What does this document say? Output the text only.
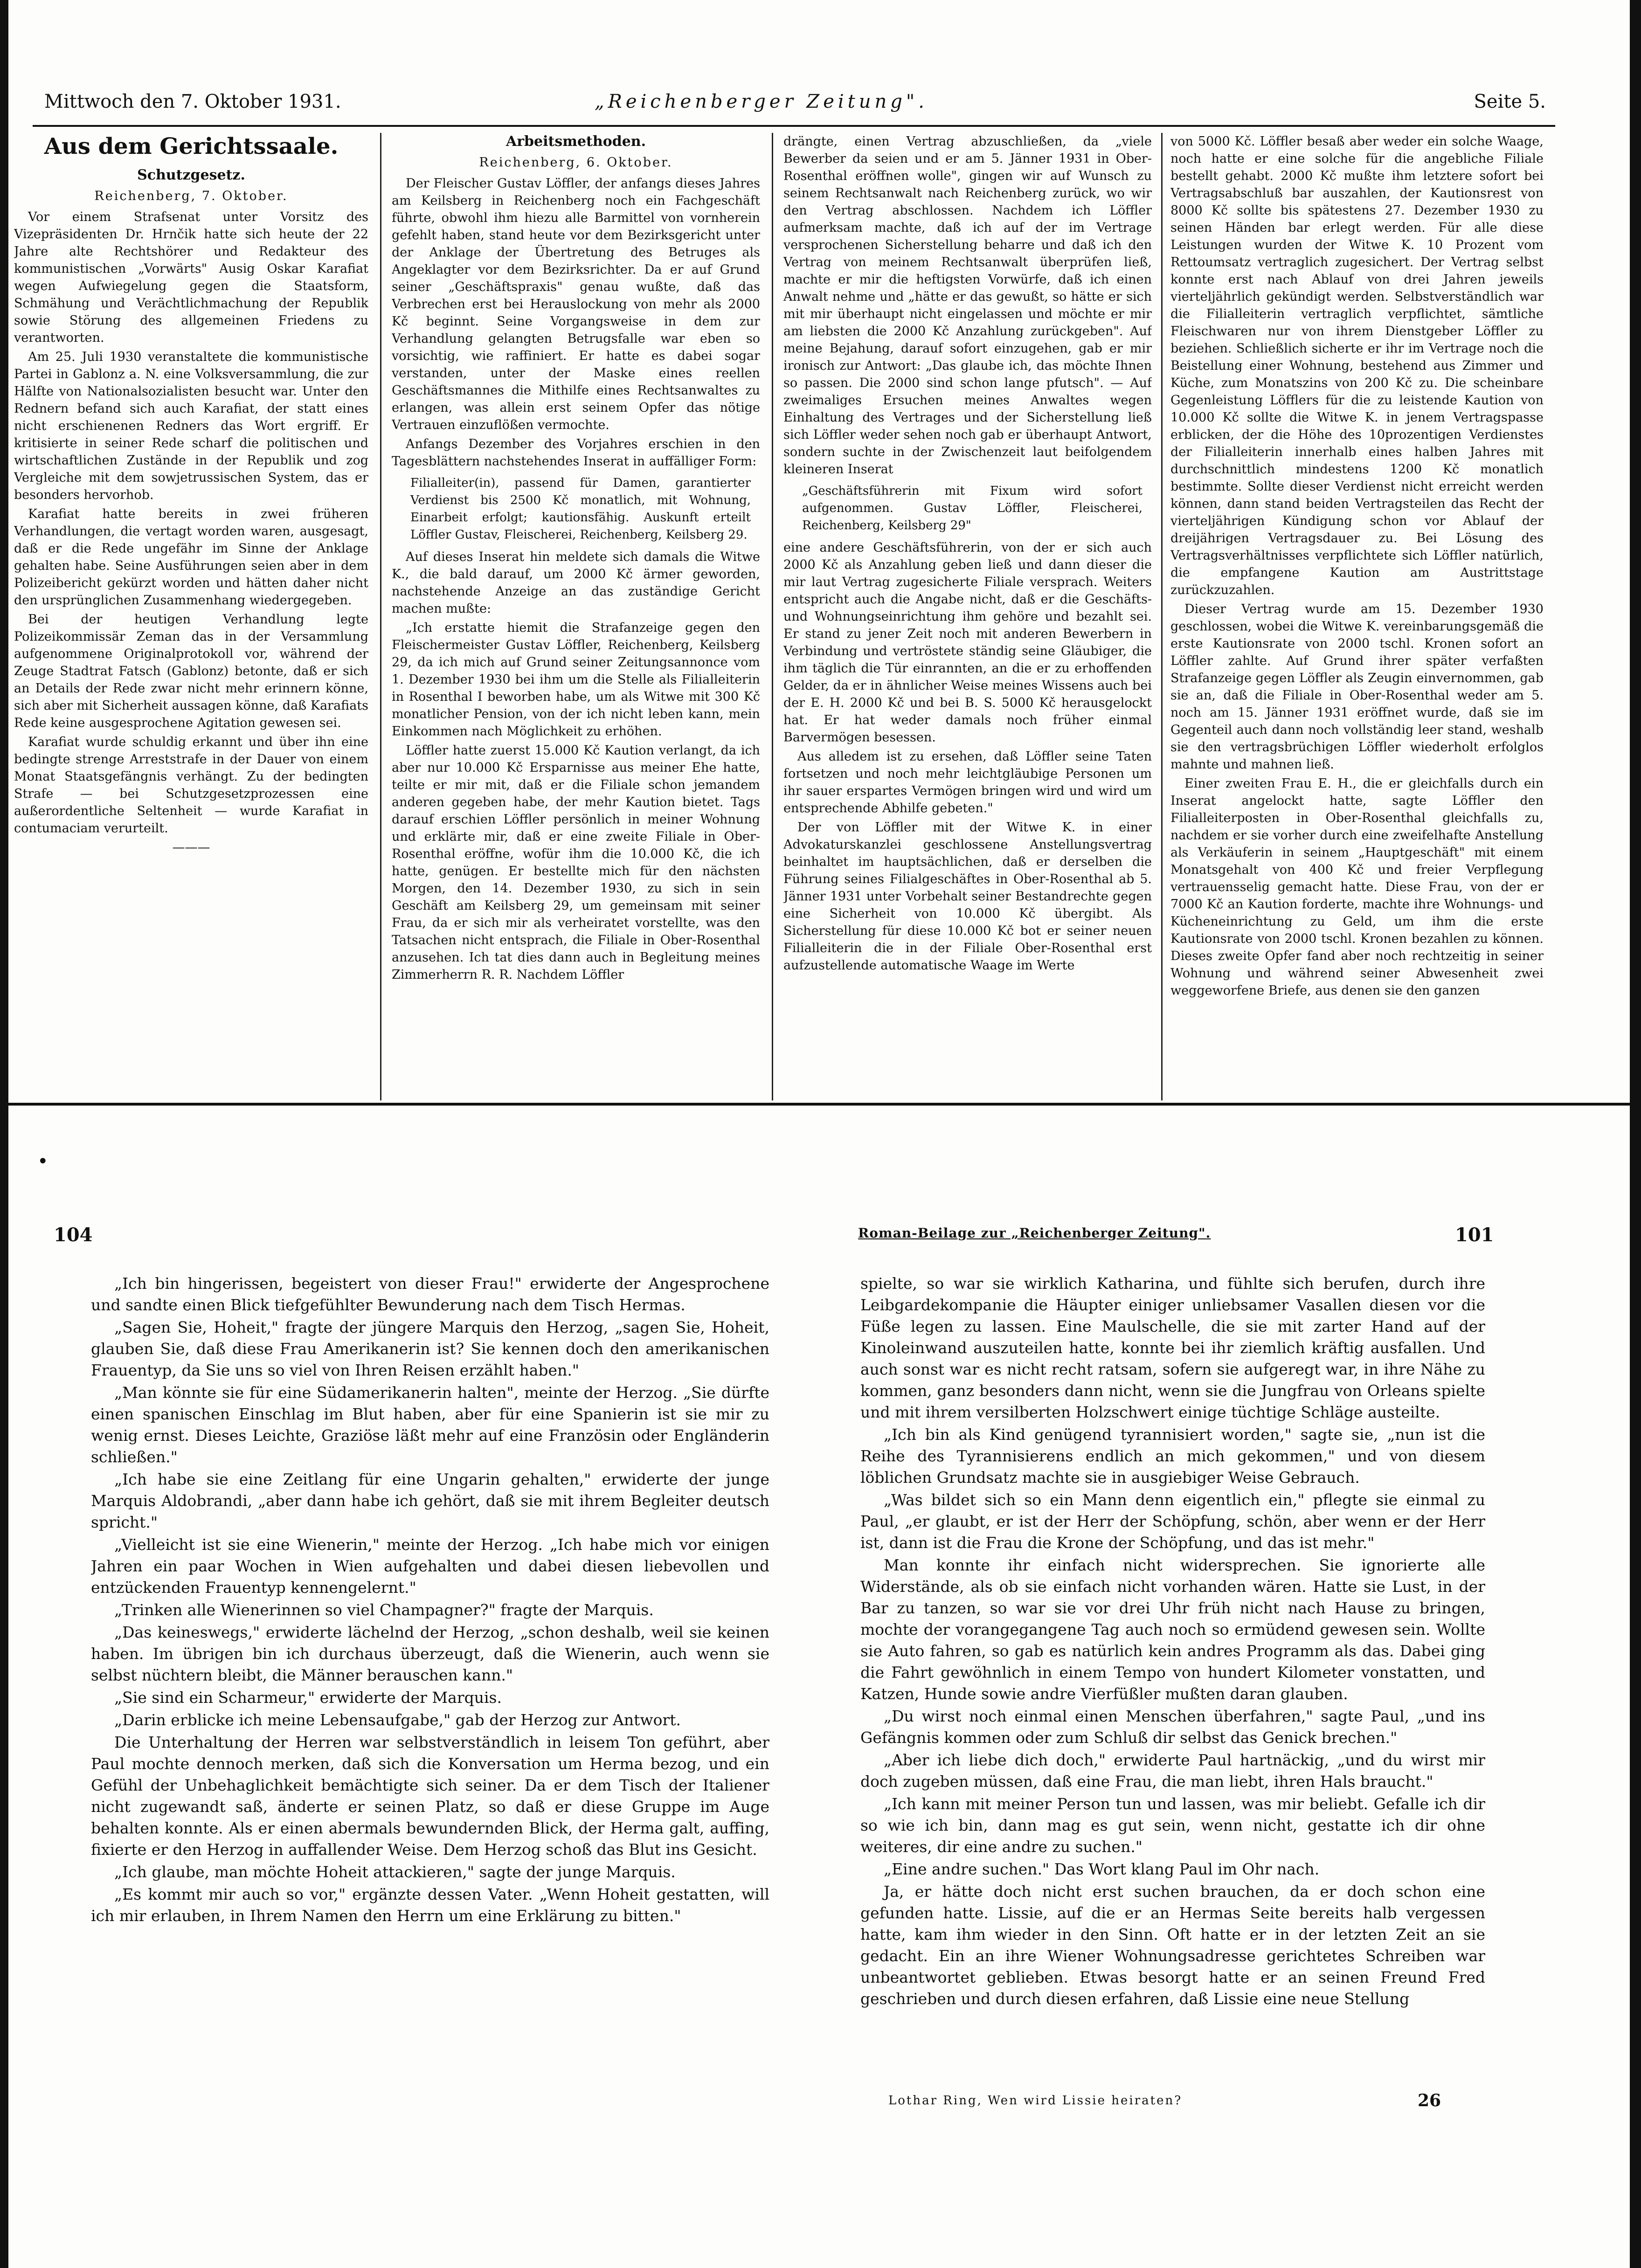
Mittwoch den 7. Oktober 1931.	„Reichenberger Zeitung".	Seite 5.

Aus dem Gerichtssaale.

Schutzgesetz.

Reichenberg, 7. Oktober.

Vor einem Strafsenat unter Vorsitz des Vizepräsidenten Dr. Hrnčik hatte sich heute der 22 Jahre alte Rechtshörer und Redakteur des kommunistischen „Vorwärts" Ausig Oskar Karafiat wegen Aufwiegelung gegen die Staatsform, Schmähung und Verächtlichmachung der Republik sowie Störung des allgemeinen Friedens zu verantworten.

Am 25. Juli 1930 veranstaltete die kommunistische Partei in Gablonz a. N. eine Volksversammlung, die zur Hälfte von Nationalsozialisten besucht war. Unter den Rednern befand sich auch Karafiat, der statt eines nicht erschienenen Redners das Wort ergriff. Er kritisierte in seiner Rede scharf die politischen und wirtschaftlichen Zustände in der Republik und zog Vergleiche mit dem sowjetrussischen System, das er besonders hervorhob.

Karafiat hatte bereits in zwei früheren Verhandlungen, die vertagt worden waren, ausgesagt, daß er die Rede ungefähr im Sinne der Anklage gehalten habe. Seine Ausführungen seien aber in dem Polizeibericht gekürzt worden und hätten daher nicht den ursprünglichen Zusammenhang wiedergegeben.

Bei der heutigen Verhandlung legte Polizeikommissär Zeman das in der Versammlung aufgenommene Originalprotokoll vor, während der Zeuge Stadtrat Fatsch (Gablonz) betonte, daß er sich an Details der Rede zwar nicht mehr erinnern könne, sich aber mit Sicherheit aussagen könne, daß Karafiats Rede keine ausgesprochene Agitation gewesen sei.

Karafiat wurde schuldig erkannt und über ihn eine bedingte strenge Arreststrafe in der Dauer von einem Monat Staatsgefängnis verhängt. Zu der bedingten Strafe — bei Schutzgesetzprozessen eine außerordentliche Seltenheit — wurde Karafiat in contumaciam verurteilt.

———

Arbeitsmethoden.

Reichenberg, 6. Oktober.

Der Fleischer Gustav Löffler, der anfangs dieses Jahres am Keilsberg in Reichenberg noch ein Fachgeschäft führte, obwohl ihm hiezu alle Barmittel von vornherein gefehlt haben, stand heute vor dem Bezirksgericht unter der Anklage der Übertretung des Betruges als Angeklagter vor dem Bezirksrichter. Da er auf Grund seiner „Geschäftspraxis" genau wußte, daß das Verbrechen erst bei Herauslockung von mehr als 2000 Kč beginnt. Seine Vorgangsweise in dem zur Verhandlung gelangten Betrugsfalle war eben so vorsichtig, wie raffiniert. Er hatte es dabei sogar verstanden, unter der Maske eines reellen Geschäftsmannes die Mithilfe eines Rechtsanwaltes zu erlangen, was allein erst seinem Opfer das nötige Vertrauen einzuflößen vermochte.

Anfangs Dezember des Vorjahres erschien in den Tagesblättern nachstehendes Inserat in auffälliger Form:

Filialleiter(in), passend für Damen, garantierter Verdienst bis 2500 Kč monatlich, mit Wohnung, Einarbeit erfolgt; kautionsfähig. Auskunft erteilt Löffler Gustav, Fleischerei, Reichenberg, Keilsberg 29.

Auf dieses Inserat hin meldete sich damals die Witwe K., die bald darauf, um 2000 Kč ärmer geworden, nachstehende Anzeige an das zuständige Gericht machen mußte:

„Ich erstatte hiemit die Strafanzeige gegen den Fleischermeister Gustav Löffler, Reichenberg, Keilsberg 29, da ich mich auf Grund seiner Zeitungsannonce vom 1. Dezember 1930 bei ihm um die Stelle als Filialleiterin in Rosenthal I beworben habe, um als Witwe mit 300 Kč monatlicher Pension, von der ich nicht leben kann, mein Einkommen nach Möglichkeit zu erhöhen.

Löffler hatte zuerst 15.000 Kč Kaution verlangt, da ich aber nur 10.000 Kč Ersparnisse aus meiner Ehe hatte, teilte er mir mit, daß er die Filiale schon jemandem anderen gegeben habe, der mehr Kaution bietet. Tags darauf erschien Löffler persönlich in meiner Wohnung und erklärte mir, daß er eine zweite Filiale in Ober-Rosenthal eröffne, wofür ihm die 10.000 Kč, die ich hatte, genügen. Er bestellte mich für den nächsten Morgen, den 14. Dezember 1930, zu sich in sein Geschäft am Keilsberg 29, um gemeinsam mit seiner Frau, da er sich mir als verheiratet vorstellte, was den Tatsachen nicht entsprach, die Filiale in Ober-Rosenthal anzusehen. Ich tat dies dann auch in Begleitung meines Zimmerherrn R. R. Nachdem Löffler

drängte, einen Vertrag abzuschließen, da „viele Bewerber da seien und er am 5. Jänner 1931 in Ober-Rosenthal eröffnen wolle", gingen wir auf Wunsch zu seinem Rechtsanwalt nach Reichenberg zurück, wo wir den Vertrag abschlossen. Nachdem ich Löffler aufmerksam machte, daß ich auf der im Vertrage versprochenen Sicherstellung beharre und daß ich den Vertrag von meinem Rechtsanwalt überprüfen ließ, machte er mir die heftigsten Vorwürfe, daß ich einen Anwalt nehme und „hätte er das gewußt, so hätte er sich mit mir überhaupt nicht eingelassen und möchte er mir am liebsten die 2000 Kč Anzahlung zurückgeben". Auf meine Bejahung, darauf sofort einzugehen, gab er mir ironisch zur Antwort: „Das glaube ich, das möchte Ihnen so passen. Die 2000 sind schon lange pfutsch". — Auf zweimaliges Ersuchen meines Anwaltes wegen Einhaltung des Vertrages und der Sicherstellung ließ sich Löffler weder sehen noch gab er überhaupt Antwort, sondern suchte in der Zwischenzeit laut beifolgendem kleineren Inserat

„Geschäftsführerin mit Fixum wird sofort aufgenommen. Gustav Löffler, Fleischerei, Reichenberg, Keilsberg 29"

eine andere Geschäftsführerin, von der er sich auch 2000 Kč als Anzahlung geben ließ und dann dieser die mir laut Vertrag zugesicherte Filiale versprach. Weiters entspricht auch die Angabe nicht, daß er die Geschäfts- und Wohnungseinrichtung ihm gehöre und bezahlt sei. Er stand zu jener Zeit noch mit anderen Bewerbern in Verbindung und vertröstete ständig seine Gläubiger, die ihm täglich die Tür einrannten, an die er zu erhoffenden Gelder, da er in ähnlicher Weise meines Wissens auch bei der E. H. 2000 Kč und bei B. S. 5000 Kč herausgelockt hat. Er hat weder damals noch früher einmal Barvermögen besessen.

Aus alledem ist zu ersehen, daß Löffler seine Taten fortsetzen und noch mehr leichtgläubige Personen um ihr sauer erspartes Vermögen bringen wird und wird um entsprechende Abhilfe gebeten."

Der von Löffler mit der Witwe K. in einer Advokaturskanzlei geschlossene Anstellungsvertrag beinhaltet im hauptsächlichen, daß er derselben die Führung seines Filialgeschäftes in Ober-Rosenthal ab 5. Jänner 1931 unter Vorbehalt seiner Bestandrechte gegen eine Sicherheit von 10.000 Kč übergibt. Als Sicherstellung für diese 10.000 Kč bot er seiner neuen Filialleiterin die in der Filiale Ober-Rosenthal erst aufzustellende automatische Waage im Werte

von 5000 Kč. Löffler besaß aber weder ein solche Waage, noch hatte er eine solche für die angebliche Filiale bestellt gehabt. 2000 Kč mußte ihm letztere sofort bei Vertragsabschluß bar auszahlen, der Kautionsrest von 8000 Kč sollte bis spätestens 27. Dezember 1930 zu seinen Händen bar erlegt werden. Für alle diese Leistungen wurden der Witwe K. 10 Prozent vom Rettoumsatz vertraglich zugesichert. Der Vertrag selbst konnte erst nach Ablauf von drei Jahren jeweils vierteljährlich gekündigt werden. Selbstverständlich war die Filialleiterin vertraglich verpflichtet, sämtliche Fleischwaren nur von ihrem Dienstgeber Löffler zu beziehen. Schließlich sicherte er ihr im Vertrage noch die Beistellung einer Wohnung, bestehend aus Zimmer und Küche, zum Monatszins von 200 Kč zu. Die scheinbare Gegenleistung Löfflers für die zu leistende Kaution von 10.000 Kč sollte die Witwe K. in jenem Vertragspasse erblicken, der die Höhe des 10prozentigen Verdienstes der Filialleiterin innerhalb eines halben Jahres mit durchschnittlich mindestens 1200 Kč monatlich bestimmte. Sollte dieser Verdienst nicht erreicht werden können, dann stand beiden Vertragsteilen das Recht der vierteljährigen Kündigung schon vor Ablauf der dreijährigen Vertragsdauer zu. Bei Lösung des Vertragsverhältnisses verpflichtete sich Löffler natürlich, die empfangene Kaution am Austrittstage zurückzuzahlen.

Dieser Vertrag wurde am 15. Dezember 1930 geschlossen, wobei die Witwe K. vereinbarungsgemäß die erste Kautionsrate von 2000 tschl. Kronen sofort an Löffler zahlte. Auf Grund ihrer später verfaßten Strafanzeige gegen Löffler als Zeugin einvernommen, gab sie an, daß die Filiale in Ober-Rosenthal weder am 5. noch am 15. Jänner 1931 eröffnet wurde, daß sie im Gegenteil auch dann noch vollständig leer stand, weshalb sie den vertragsbrüchigen Löffler wiederholt erfolglos mahnte und mahnen ließ.

Einer zweiten Frau E. H., die er gleichfalls durch ein Inserat angelockt hatte, sagte Löffler den Filialleiterposten in Ober-Rosenthal gleichfalls zu, nachdem er sie vorher durch eine zweifelhafte Anstellung als Verkäuferin in seinem „Hauptgeschäft" mit einem Monatsgehalt von 400 Kč und freier Verpflegung vertrauensselig gemacht hatte. Diese Frau, von der er 7000 Kč an Kaution forderte, machte ihre Wohnungs- und Kücheneinrichtung zu Geld, um ihm die erste Kautionsrate von 2000 tschl. Kronen bezahlen zu können. Dieses zweite Opfer fand aber noch rechtzeitig in seiner Wohnung und während seiner Abwesenheit zwei weggeworfene Briefe, aus denen sie den ganzen

•
104	Roman-Beilage zur „Reichenberger Zeitung".	101

„Ich bin hingerissen, begeistert von dieser Frau!" erwiderte der Angesprochene und sandte einen Blick tiefgefühlter Bewunderung nach dem Tisch Hermas.

„Sagen Sie, Hoheit," fragte der jüngere Marquis den Herzog, „sagen Sie, Hoheit, glauben Sie, daß diese Frau Amerikanerin ist? Sie kennen doch den amerikanischen Frauentyp, da Sie uns so viel von Ihren Reisen erzählt haben."

„Man könnte sie für eine Südamerikanerin halten", meinte der Herzog. „Sie dürfte einen spanischen Einschlag im Blut haben, aber für eine Spanierin ist sie mir zu wenig ernst. Dieses Leichte, Graziöse läßt mehr auf eine Französin oder Engländerin schließen."

„Ich habe sie eine Zeitlang für eine Ungarin gehalten," erwiderte der junge Marquis Aldobrandi, „aber dann habe ich gehört, daß sie mit ihrem Begleiter deutsch spricht."

„Vielleicht ist sie eine Wienerin," meinte der Herzog. „Ich habe mich vor einigen Jahren ein paar Wochen in Wien aufgehalten und dabei diesen liebevollen und entzückenden Frauentyp kennengelernt."

„Trinken alle Wienerinnen so viel Champagner?" fragte der Marquis.

„Das keineswegs," erwiderte lächelnd der Herzog, „schon deshalb, weil sie keinen haben. Im übrigen bin ich durchaus überzeugt, daß die Wienerin, auch wenn sie selbst nüchtern bleibt, die Männer berauschen kann."

„Sie sind ein Scharmeur," erwiderte der Marquis.

„Darin erblicke ich meine Lebensaufgabe," gab der Herzog zur Antwort.

Die Unterhaltung der Herren war selbstverständlich in leisem Ton geführt, aber Paul mochte dennoch merken, daß sich die Konversation um Herma bezog, und ein Gefühl der Unbehaglichkeit bemächtigte sich seiner. Da er dem Tisch der Italiener nicht zugewandt saß, änderte er seinen Platz, so daß er diese Gruppe im Auge behalten konnte. Als er einen abermals bewundernden Blick, der Herma galt, auffing, fixierte er den Herzog in auffallender Weise. Dem Herzog schoß das Blut ins Gesicht.

„Ich glaube, man möchte Hoheit attackieren," sagte der junge Marquis.

„Es kommt mir auch so vor," ergänzte dessen Vater. „Wenn Hoheit gestatten, will ich mir erlauben, in Ihrem Namen den Herrn um eine Erklärung zu bitten."

spielte, so war sie wirklich Katharina, und fühlte sich berufen, durch ihre Leibgardekompanie die Häupter einiger unliebsamer Vasallen diesen vor die Füße legen zu lassen. Eine Maulschelle, die sie mit zarter Hand auf der Kinoleinwand auszuteilen hatte, konnte bei ihr ziemlich kräftig ausfallen. Und auch sonst war es nicht recht ratsam, sofern sie aufgeregt war, in ihre Nähe zu kommen, ganz besonders dann nicht, wenn sie die Jungfrau von Orleans spielte und mit ihrem versilberten Holzschwert einige tüchtige Schläge austeilte.

„Ich bin als Kind genügend tyrannisiert worden," sagte sie, „nun ist die Reihe des Tyrannisierens endlich an mich gekommen," und von diesem löblichen Grundsatz machte sie in ausgiebiger Weise Gebrauch.

„Was bildet sich so ein Mann denn eigentlich ein," pflegte sie einmal zu Paul, „er glaubt, er ist der Herr der Schöpfung, schön, aber wenn er der Herr ist, dann ist die Frau die Krone der Schöpfung, und das ist mehr."

Man konnte ihr einfach nicht widersprechen. Sie ignorierte alle Widerstände, als ob sie einfach nicht vorhanden wären. Hatte sie Lust, in der Bar zu tanzen, so war sie vor drei Uhr früh nicht nach Hause zu bringen, mochte der vorangegangene Tag auch noch so ermüdend gewesen sein. Wollte sie Auto fahren, so gab es natürlich kein andres Programm als das. Dabei ging die Fahrt gewöhnlich in einem Tempo von hundert Kilometer vonstatten, und Katzen, Hunde sowie andre Vierfüßler mußten daran glauben.

„Du wirst noch einmal einen Menschen überfahren," sagte Paul, „und ins Gefängnis kommen oder zum Schluß dir selbst das Genick brechen."

„Aber ich liebe dich doch," erwiderte Paul hartnäckig, „und du wirst mir doch zugeben müssen, daß eine Frau, die man liebt, ihren Hals braucht."

„Ich kann mit meiner Person tun und lassen, was mir beliebt. Gefalle ich dir so wie ich bin, dann mag es gut sein, wenn nicht, gestatte ich dir ohne weiteres, dir eine andre zu suchen."

„Eine andre suchen." Das Wort klang Paul im Ohr nach.

Ja, er hätte doch nicht erst suchen brauchen, da er doch schon eine gefunden hatte. Lissie, auf die er an Hermas Seite bereits halb vergessen hatte, kam ihm wieder in den Sinn. Oft hatte er in der letzten Zeit an sie gedacht. Ein an ihre Wiener Wohnungsadresse gerichtetes Schreiben war unbeantwortet geblieben. Etwas besorgt hatte er an seinen Freund Fred geschrieben und durch diesen erfahren, daß Lissie eine neue Stellung

Lothar Ring, Wen wird Lissie heiraten?	26
